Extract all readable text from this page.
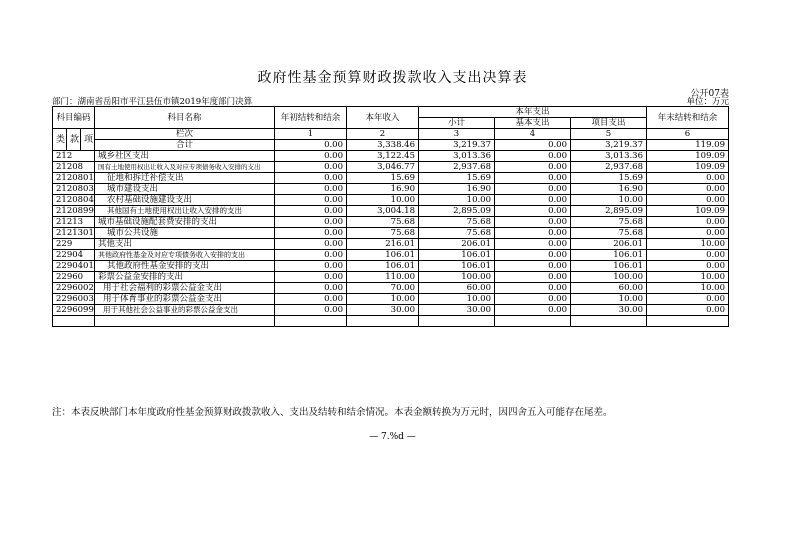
政府性基金预算财政拨款收入支出决算表
公开07表
部门：湖南省岳阳市平江县伍市镇2019年度部门决算	单位：万元
科目编码			科目名称	年初结转和结余	本年收入	本年支出			年末结转和结余
						小计	基本支出	项目支出	
类	款	项	栏次	1	2	3	4	5	6
			合计	0.00	3,338.46	3,219.37	0.00	3,219.37	119.09
212			城乡社区支出	0.00	3,122.45	3,013.36	0.00	3,013.36	109.09
21208			国有土地使用权出让收入及对应专项债务收入安排的支出	0.00	3,046.77	2,937.68	0.00	2,937.68	109.09
2120801			征地和拆迁补偿支出	0.00	15.69	15.69	0.00	15.69	0.00
2120803			城市建设支出	0.00	16.90	16.90	0.00	16.90	0.00
2120804			农村基础设施建设支出	0.00	10.00	10.00	0.00	10.00	0.00
2120899			其他国有土地使用权出让收入安排的支出	0.00	3,004.18	2,895.09	0.00	2,895.09	109.09
21213			城市基础设施配套费安排的支出	0.00	75.68	75.68	0.00	75.68	0.00
2121301			城市公共设施	0.00	75.68	75.68	0.00	75.68	0.00
229			其他支出	0.00	216.01	206.01	0.00	206.01	10.00
22904			其他政府性基金及对应专项债务收入安排的支出	0.00	106.01	106.01	0.00	106.01	0.00
2290401			其他政府性基金安排的支出	0.00	106.01	106.01	0.00	106.01	0.00
22960			彩票公益金安排的支出	0.00	110.00	100.00	0.00	100.00	10.00
2296002			用于社会福利的彩票公益金支出	0.00	70.00	60.00	0.00	60.00	10.00
2296003			用于体育事业的彩票公益金支出	0.00	10.00	10.00	0.00	10.00	0.00
2296099			用于其他社会公益事业的彩票公益金支出	0.00	30.00	30.00	0.00	30.00	0.00

注：本表反映部门本年度政府性基金预算财政拨款收入、支出及结转和结余情况。本表金额转换为万元时，因四舍五入可能存在尾差。
— 7.%d —
